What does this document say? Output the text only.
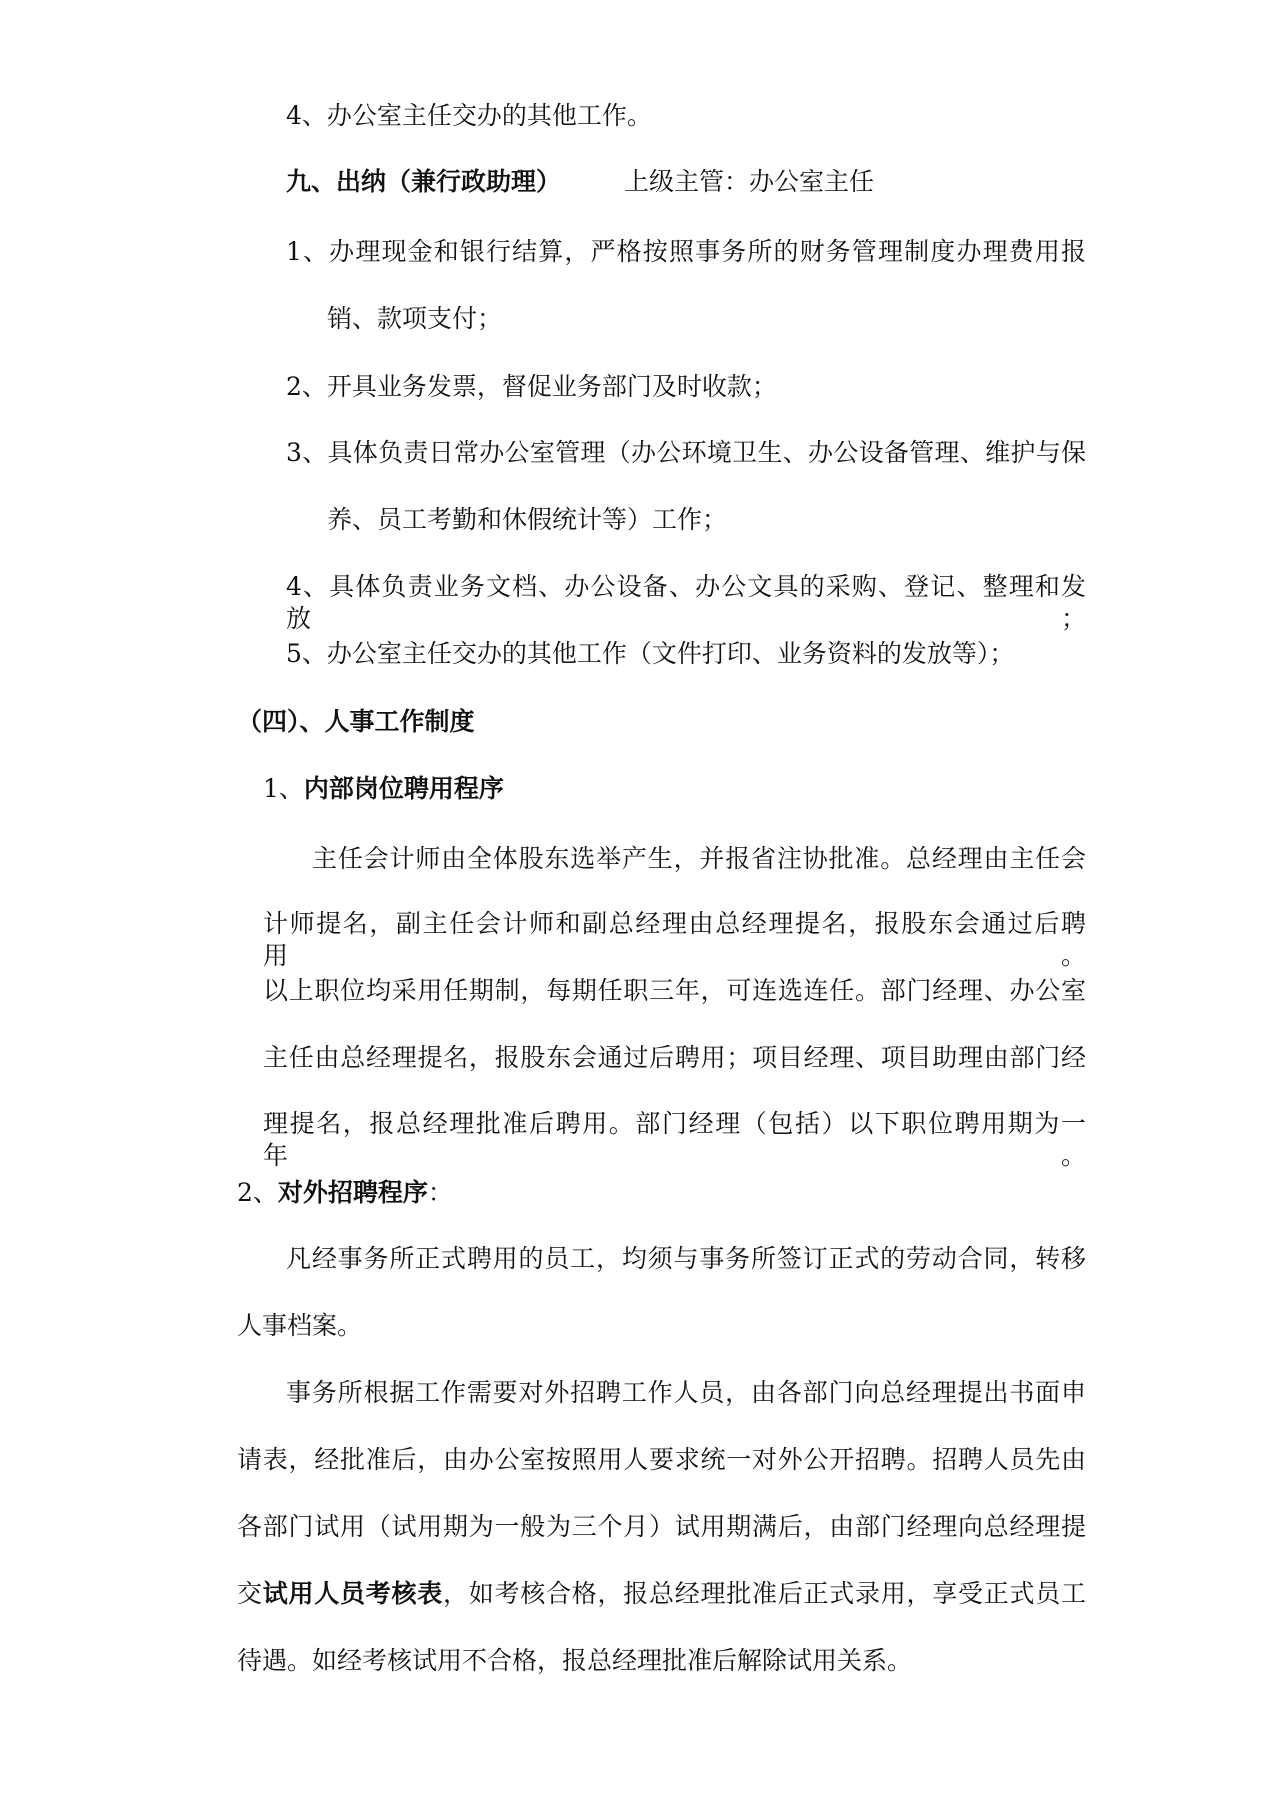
4、办公室主任交办的其他工作。
九、出纳（兼行政助理）	上级主管：办公室主任
1、办理现金和银行结算，严格按照事务所的财务管理制度办理费用报
销、款项支付；
2、开具业务发票，督促业务部门及时收款；
3、具体负责日常办公室管理（办公环境卫生、办公设备管理、维护与保
养、员工考勤和休假统计等）工作；
4、具体负责业务文档、办公设备、办公文具的采购、登记、整理和发放；
5、办公室主任交办的其他工作（文件打印、业务资料的发放等）；
（四）、人事工作制度
1、内部岗位聘用程序
主任会计师由全体股东选举产生，并报省注协批准。总经理由主任会
计师提名，副主任会计师和副总经理由总经理提名，报股东会通过后聘用。
以上职位均采用任期制，每期任职三年，可连选连任。部门经理、办公室
主任由总经理提名，报股东会通过后聘用；项目经理、项目助理由部门经
理提名，报总经理批准后聘用。部门经理（包括）以下职位聘用期为一年。
2、对外招聘程序：
凡经事务所正式聘用的员工，均须与事务所签订正式的劳动合同，转移
人事档案。
事务所根据工作需要对外招聘工作人员，由各部门向总经理提出书面申
请表，经批准后，由办公室按照用人要求统一对外公开招聘。招聘人员先由
各部门试用（试用期为一般为三个月）试用期满后，由部门经理向总经理提
交试用人员考核表，如考核合格，报总经理批准后正式录用，享受正式员工
待遇。如经考核试用不合格，报总经理批准后解除试用关系。
